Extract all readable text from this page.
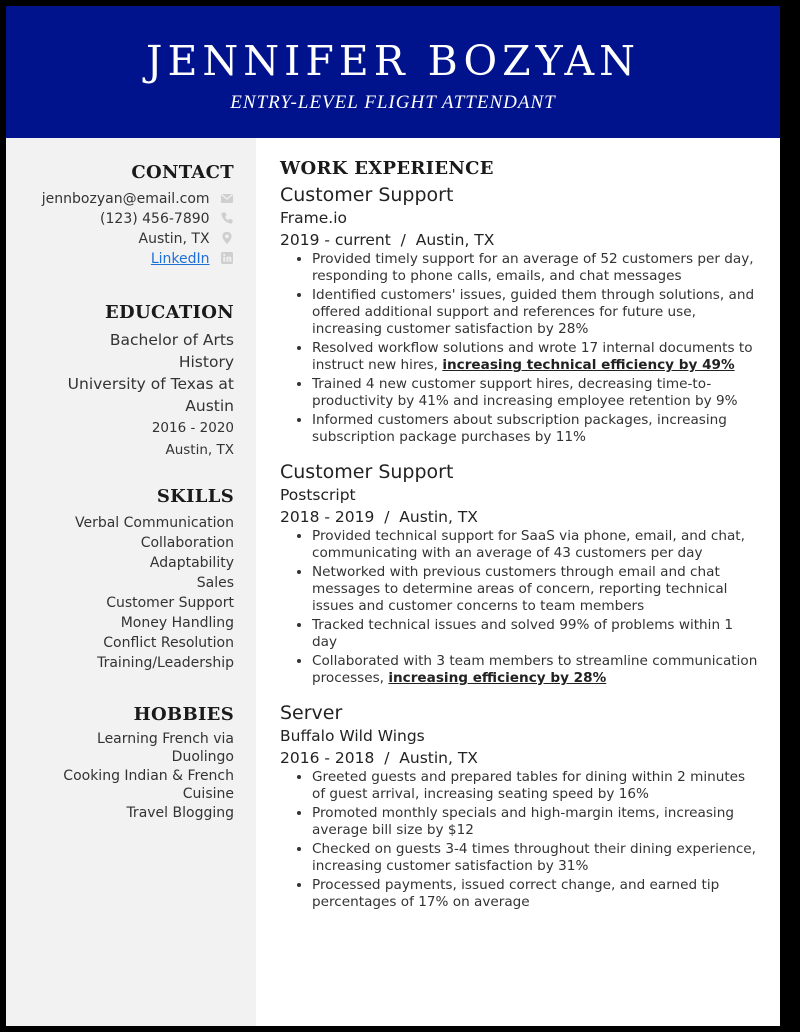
JENNIFER BOZYAN
ENTRY-LEVEL FLIGHT ATTENDANT
CONTACT
jennbozyan@email.com
(123) 456-7890
Austin, TX
LinkedIn
EDUCATION
Bachelor of Arts
History
University of Texas at Austin
2016 - 2020
Austin, TX
SKILLS
Verbal Communication
Collaboration
Adaptability
Sales
Customer Support
Money Handling
Conflict Resolution
Training/Leadership
HOBBIES
Learning French via Duolingo
Cooking Indian & French Cuisine
Travel Blogging
WORK EXPERIENCE
Customer Support
Frame.io
2019 - current  /  Austin, TX
• Provided timely support for an average of 52 customers per day, responding to phone calls, emails, and chat messages
• Identified customers' issues, guided them through solutions, and offered additional support and references for future use, increasing customer satisfaction by 28%
• Resolved workflow solutions and wrote 17 internal documents to instruct new hires, increasing technical efficiency by 49%
• Trained 4 new customer support hires, decreasing time-to-productivity by 41% and increasing employee retention by 9%
• Informed customers about subscription packages, increasing subscription package purchases by 11%
Customer Support
Postscript
2018 - 2019  /  Austin, TX
• Provided technical support for SaaS via phone, email, and chat, communicating with an average of 43 customers per day
• Networked with previous customers through email and chat messages to determine areas of concern, reporting technical issues and customer concerns to team members
• Tracked technical issues and solved 99% of problems within 1 day
• Collaborated with 3 team members to streamline communication processes, increasing efficiency by 28%
Server
Buffalo Wild Wings
2016 - 2018  /  Austin, TX
• Greeted guests and prepared tables for dining within 2 minutes of guest arrival, increasing seating speed by 16%
• Promoted monthly specials and high-margin items, increasing average bill size by $12
• Checked on guests 3-4 times throughout their dining experience, increasing customer satisfaction by 31%
• Processed payments, issued correct change, and earned tip percentages of 17% on average
